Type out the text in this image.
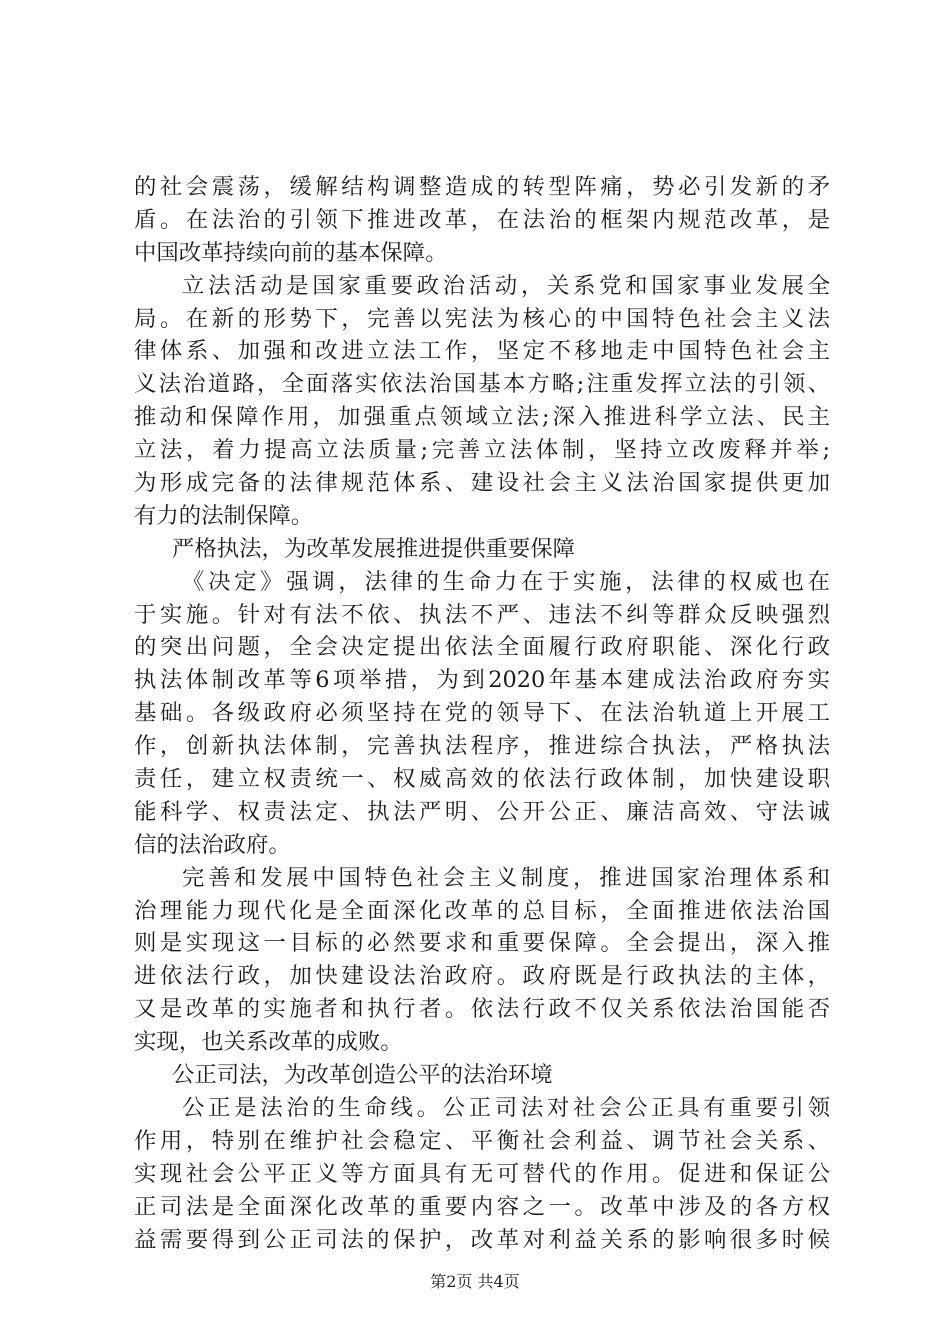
的社会震荡，缓解结构调整造成的转型阵痛，势必引发新的矛
盾。在法治的引领下推进改革，在法治的框架内规范改革，是
中国改革持续向前的基本保障。
立法活动是国家重要政治活动，关系党和国家事业发展全
局。在新的形势下，完善以宪法为核心的中国特色社会主义法
律体系、加强和改进立法工作，坚定不移地走中国特色社会主
义法治道路，全面落实依法治国基本方略;注重发挥立法的引领、
推动和保障作用，加强重点领域立法;深入推进科学立法、民主
立法，着力提高立法质量;完善立法体制，坚持立改废释并举;
为形成完备的法律规范体系、建设社会主义法治国家提供更加
有力的法制保障。
严格执法，为改革发展推进提供重要保障
《决定》强调，法律的生命力在于实施，法律的权威也在
于实施。针对有法不依、执法不严、违法不纠等群众反映强烈
的突出问题，全会决定提出依法全面履行政府职能、深化行政
执法体制改革等6项举措，为到2020年基本建成法治政府夯实
基础。各级政府必须坚持在党的领导下、在法治轨道上开展工
作，创新执法体制，完善执法程序，推进综合执法，严格执法
责任，建立权责统一、权威高效的依法行政体制，加快建设职
能科学、权责法定、执法严明、公开公正、廉洁高效、守法诚
信的法治政府。
完善和发展中国特色社会主义制度，推进国家治理体系和
治理能力现代化是全面深化改革的总目标，全面推进依法治国
则是实现这一目标的必然要求和重要保障。全会提出，深入推
进依法行政，加快建设法治政府。政府既是行政执法的主体，
又是改革的实施者和执行者。依法行政不仅关系依法治国能否
实现，也关系改革的成败。
公正司法，为改革创造公平的法治环境
公正是法治的生命线。公正司法对社会公正具有重要引领
作用，特别在维护社会稳定、平衡社会利益、调节社会关系、
实现社会公平正义等方面具有无可替代的作用。促进和保证公
正司法是全面深化改革的重要内容之一。改革中涉及的各方权
益需要得到公正司法的保护，改革对利益关系的影响很多时候
第2页 共4页
